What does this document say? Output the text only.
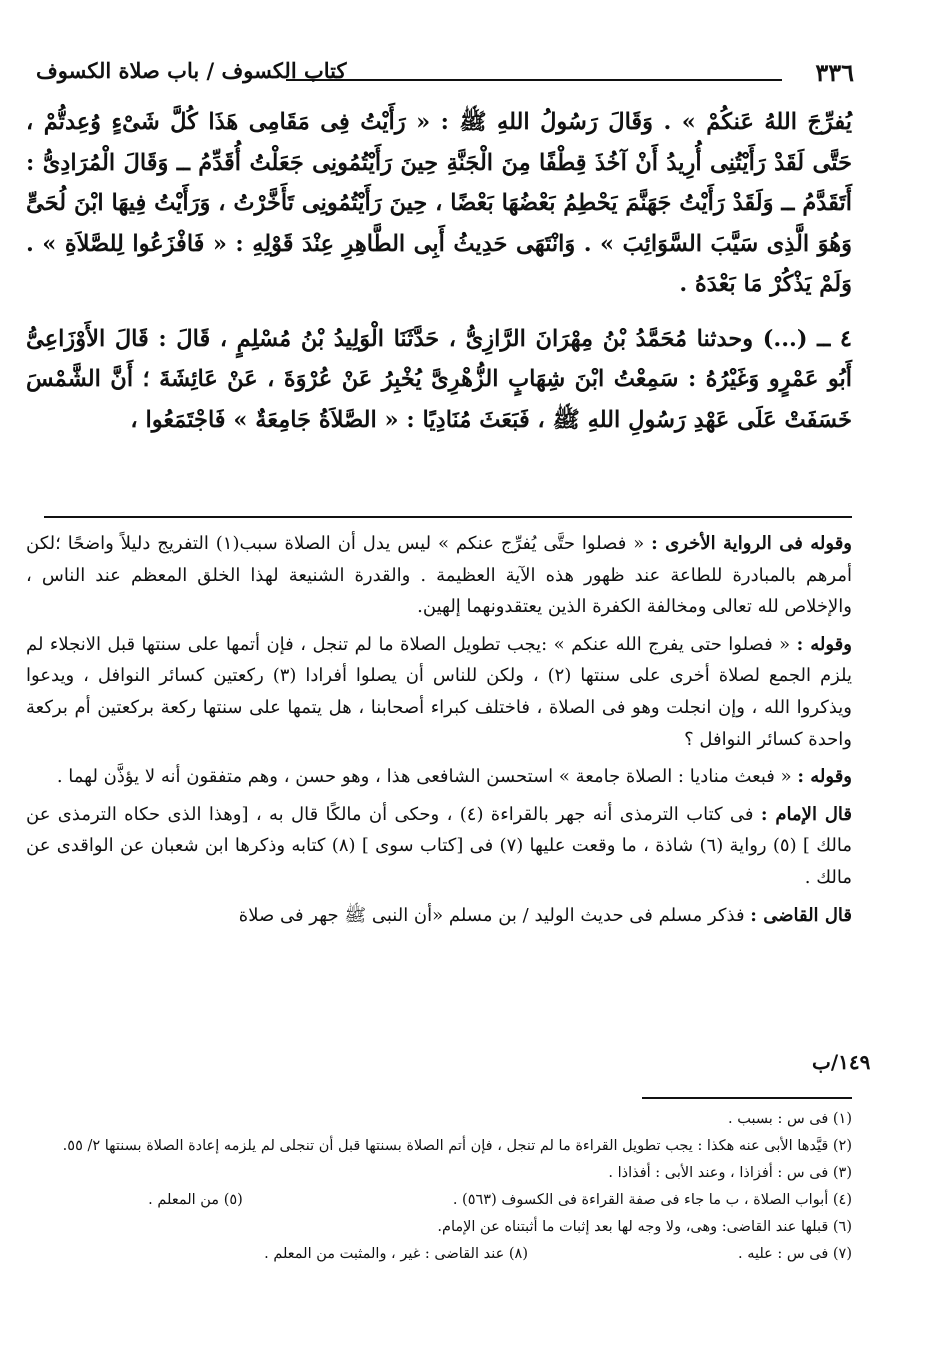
٣٣٦
كتاب الكسوف / باب صلاة الكسوف

يُفرِّجَ اللهُ عَنكُمْ » . وَقَالَ رَسُولُ اللهِ ﷺ : « رَأَيْتُ فِى مَقَامِى هَذَا كُلَّ شَىْءٍ وُعِدتُّمْ ، حَتَّى لَقَدْ رَأَيْتُنِى أُرِيدُ أَنْ آخُذَ قِطْفًا مِنَ الْجَنَّةِ حِينَ رَأَيْتُمُونِى جَعَلْتُ أُقَدِّمُ ــ وَقَالَ الْمُرَادِىُّ : أَتَقَدَّمُ ــ وَلَقَدْ رَأَيْتُ جَهَنَّمَ يَحْطِمُ بَعْضُهَا بَعْضًا ، حِينَ رَأَيْتُمُونِى تَأَخَّرْتُ ، وَرَأَيْتُ فِيهَا ابْنَ لُحَىٍّ وَهُوَ الَّذِى سَيَّبَ السَّوَائِبَ » . وَانْتَهَى حَدِيثُ أَبِى الطَّاهِرِ عِنْدَ قَوْلِهِ : « فَافْزَعُوا لِلصَّلاَةِ » . وَلَمْ يَذْكُرْ مَا بَعْدَهُ .

٤ ــ (...) وحدثنا مُحَمَّدُ بْنُ مِهْرَانَ الرَّازِىُّ ، حَدَّثَنَا الْوَلِيدُ بْنُ مُسْلِمٍ ، قَالَ : قَالَ الأَوْزَاعِىُّ أَبُو عَمْرٍو وَغَيْرُهُ : سَمِعْتُ ابْنَ شِهَابٍ الزُّهْرِىَّ يُخْبِرُ عَنْ عُرْوَةَ ، عَنْ عَائِشَةَ ؛ أَنَّ الشَّمْسَ خَسَفَتْ عَلَى عَهْدِ رَسُولِ اللهِ ﷺ ، فَبَعَثَ مُنَادِيًا : « الصَّلاَةُ جَامِعَةٌ » فَاجْتَمَعُوا ،

وقوله فى الرواية الأخرى : « فصلوا حتَّى يُفرِّج عنكم » ليس يدل أن الصلاة سبب(١) التفريج دليلاً واضحًا ؛لكن أمرهم بالمبادرة للطاعة عند ظهور هذه الآية العظيمة . والقدرة الشنيعة لهذا الخلق المعظم عند الناس ، والإخلاص لله تعالى ومخالفة الكفرة الذين يعتقدونهما إلهين.

وقوله : « فصلوا حتى يفرج الله عنكم » :يجب تطويل الصلاة ما لم تنجل ، فإن أتمها على سنتها قبل الانجلاء لم يلزم الجمع لصلاة أخرى على سنتها (٢) ، ولكن للناس أن يصلوا أفرادا (٣) ركعتين كسائر النوافل ، ويدعوا ويذكروا الله ، وإن انجلت وهو فى الصلاة ، فاختلف كبراء أصحابنا ، هل يتمها على سنتها ركعة بركعتين أم بركعة واحدة كسائر النوافل ؟

وقوله : « فبعث مناديا : الصلاة جامعة » استحسن الشافعى هذا ، وهو حسن ، وهم متفقون أنه لا يؤذَّن لهما .

قال الإمام : فى كتاب الترمذى أنه جهر بالقراءة (٤) ، وحكى أن مالكًا قال به ، [وهذا الذى حكاه الترمذى عن مالك ] (٥) رواية (٦) شاذة ، ما وقعت عليها (٧) فى [كتاب سوى ] (٨) كتابه وذكرها ابن شعبان عن الواقدى عن مالك .

قال القاضى : فذكر مسلم فى حديث الوليد / بن مسلم «أن النبى ﷺ جهر فى صلاة

١٤٩/ب

(١) فى س : بسبب .

(٢) قيَّدها الأبى عنه هكذا : يجب تطويل القراءة ما لم تنجل ، فإن أتم الصلاة بسنتها قبل أن تنجلى لم يلزمه إعادة الصلاة بسنتها ٢/ ٥٥.

(٣) فى س : أفزاذا ، وعند الأبى : أفذاذا .

(٤) أبواب الصلاة ، ب ما جاء فى صفة القراءة فى الكسوف (٥٦٣) .
(٥) من المعلم .

(٦) قبلها عند القاضى: وهى، ولا وجه لها بعد إثبات ما أثبتناه عن الإمام.

(٧) فى س : عليه .
(٨) عند القاضى : غير ، والمثبت من المعلم .
